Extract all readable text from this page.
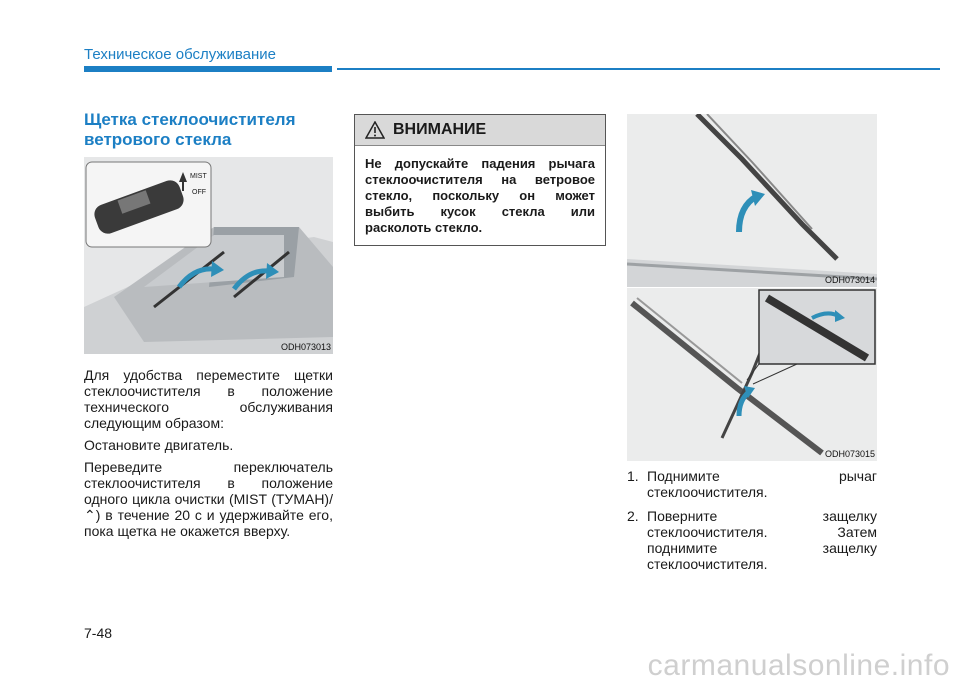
Техническое обслуживание
Щетка стеклоочистителя
ветрового стекла
MIST
OFF
ODH073013

Для удобства переместите щетки стеклоочистителя в положение технического обслуживания следующим образом:

Остановите двигатель.

Переведите переключатель стеклоочистителя в положение одного цикла очистки (MIST (ТУМАН)/⌃) в течение 20 с и удерживайте его, пока щетка не окажется вверху.

ВНИМАНИЕ
Не допускайте падения рычага стеклоочистителя на ветровое стекло, поскольку он может выбить кусок стекла или расколоть стекло.
ODH073014
ODH073015
1. Поднимите рычаг стеклоочистителя.
2. Поверните защелку стеклоочистителя. Затем поднимите защелку стеклоочистителя.
7-48
carmanualsonline.info
